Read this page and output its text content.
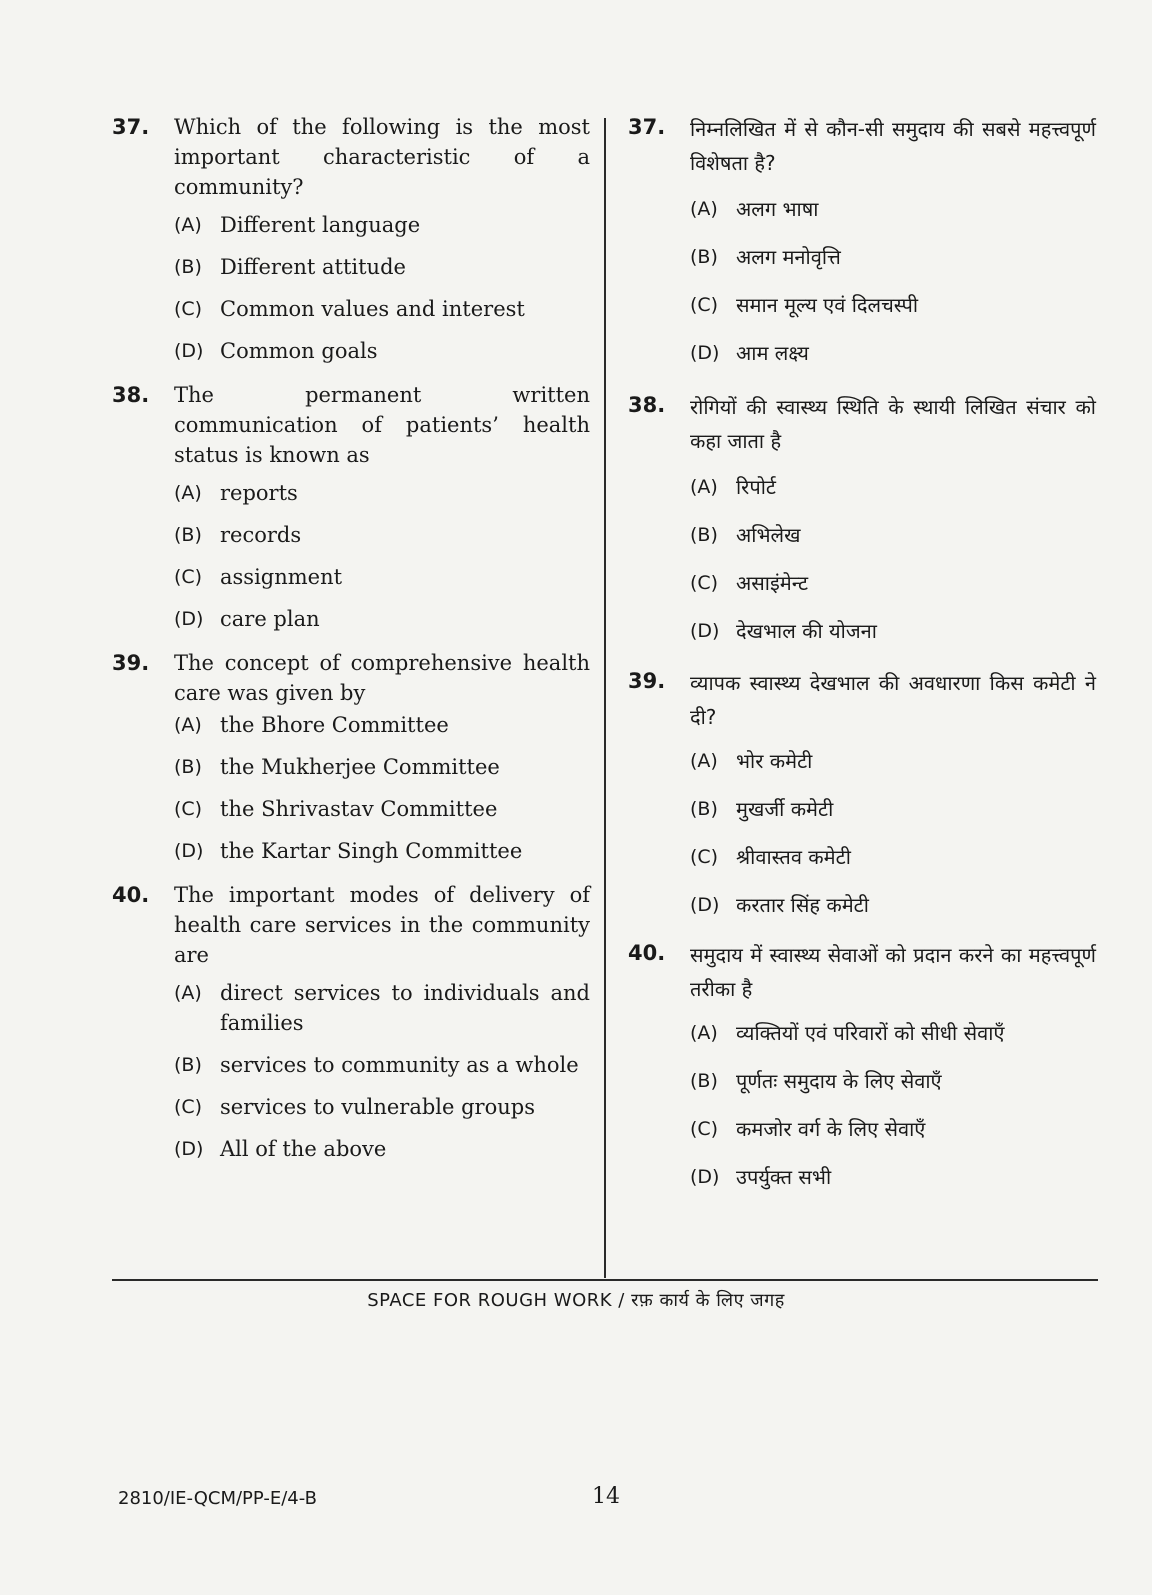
37.	Which of the following is the most important characteristic of a community?
(A) Different language
(B) Different attitude
(C) Common values and interest
(D) Common goals
38.	The permanent written communication of patients’ health status is known as
(A) reports
(B) records
(C) assignment
(D) care plan
39.	The concept of comprehensive health care was given by
(A) the Bhore Committee
(B) the Mukherjee Committee
(C) the Shrivastav Committee
(D) the Kartar Singh Committee
40.	The important modes of delivery of health care services in the community are
(A) direct services to individuals and families
(B) services to community as a whole
(C) services to vulnerable groups
(D) All of the above
37.	निम्नलिखित में से कौन-सी समुदाय की सबसे महत्त्वपूर्ण विशेषता है?
(A) अलग भाषा
(B) अलग मनोवृत्ति
(C) समान मूल्य एवं दिलचस्पी
(D) आम लक्ष्य
38.	रोगियों की स्वास्थ्य स्थिति के स्थायी लिखित संचार को कहा जाता है
(A) रिपोर्ट
(B) अभिलेख
(C) असाइंमेन्ट
(D) देखभाल की योजना
39.	व्यापक स्वास्थ्य देखभाल की अवधारणा किस कमेटी ने दी?
(A) भोर कमेटी
(B) मुखर्जी कमेटी
(C) श्रीवास्तव कमेटी
(D) करतार सिंह कमेटी
40.	समुदाय में स्वास्थ्य सेवाओं को प्रदान करने का महत्त्वपूर्ण तरीका है
(A) व्यक्तियों एवं परिवारों को सीधी सेवाएँ
(B) पूर्णतः समुदाय के लिए सेवाएँ
(C) कमजोर वर्ग के लिए सेवाएँ
(D) उपर्युक्त सभी
SPACE FOR ROUGH WORK / रफ़ कार्य के लिए जगह
2810/IE-QCM/PP-E/4-B	14
